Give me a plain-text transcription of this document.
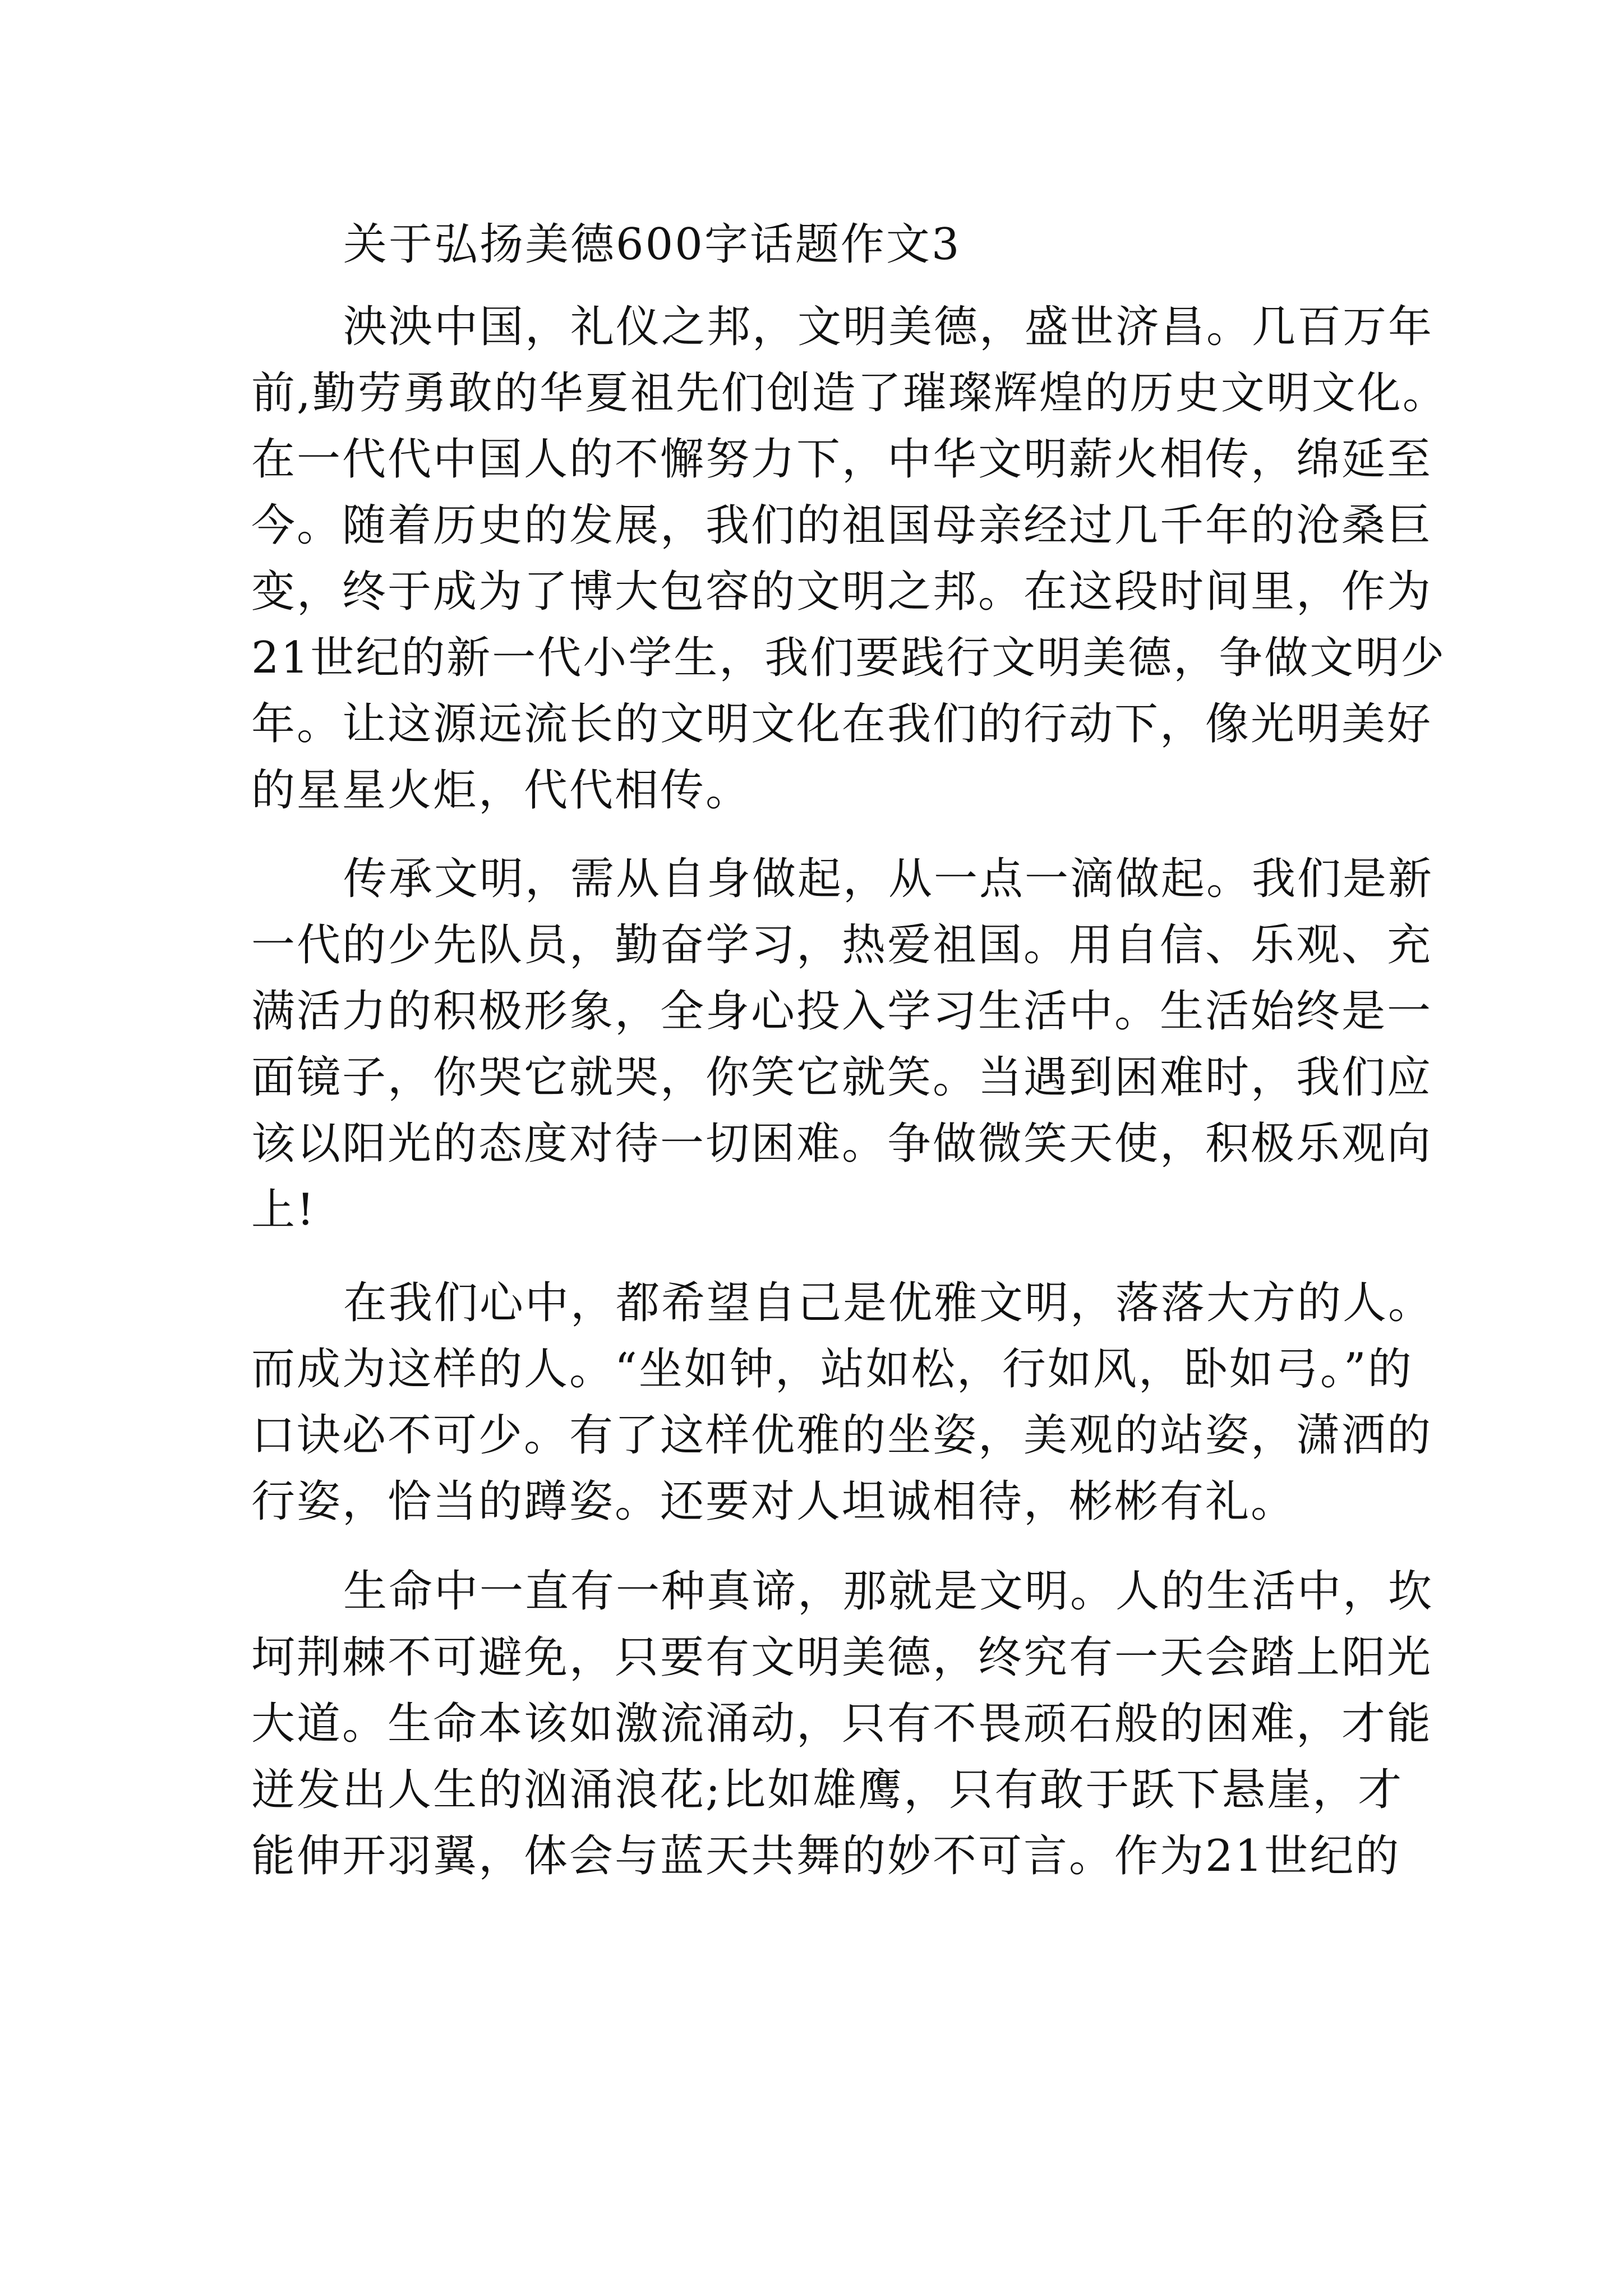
关于弘扬美德600字话题作文3
泱泱中国，礼仪之邦，文明美德，盛世济昌。几百万年
前,勤劳勇敢的华夏祖先们创造了璀璨辉煌的历史文明文化。
在一代代中国人的不懈努力下，中华文明薪火相传，绵延至
今。随着历史的发展，我们的祖国母亲经过几千年的沧桑巨
变，终于成为了博大包容的文明之邦。在这段时间里，作为
21世纪的新一代小学生，我们要践行文明美德，争做文明少
年。让这源远流长的文明文化在我们的行动下，像光明美好
的星星火炬，代代相传。
传承文明，需从自身做起，从一点一滴做起。我们是新
一代的少先队员，勤奋学习，热爱祖国。用自信、乐观、充
满活力的积极形象，全身心投入学习生活中。生活始终是一
面镜子，你哭它就哭，你笑它就笑。当遇到困难时，我们应
该以阳光的态度对待一切困难。争做微笑天使，积极乐观向
上!
在我们心中，都希望自己是优雅文明，落落大方的人。
而成为这样的人。“坐如钟，站如松，行如风，卧如弓。”的
口诀必不可少。有了这样优雅的坐姿，美观的站姿，潇洒的
行姿，恰当的蹲姿。还要对人坦诚相待，彬彬有礼。
生命中一直有一种真谛，那就是文明。人的生活中，坎
坷荆棘不可避免，只要有文明美德，终究有一天会踏上阳光
大道。生命本该如激流涌动，只有不畏顽石般的困难，才能
迸发出人生的汹涌浪花;比如雄鹰，只有敢于跃下悬崖，才
能伸开羽翼，体会与蓝天共舞的妙不可言。作为21世纪的
